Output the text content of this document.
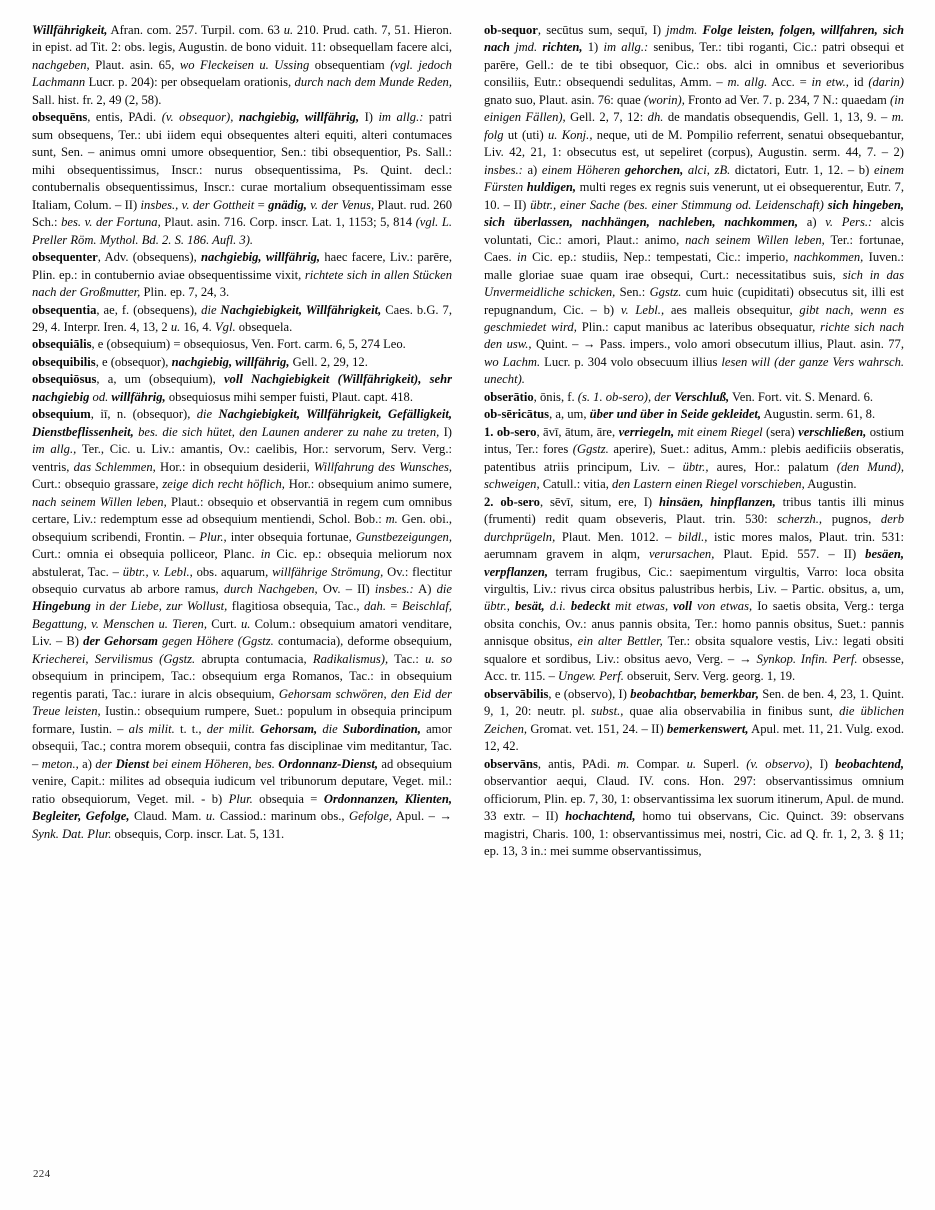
Willfährigkeit, Afran. com. 257. Turpil. com. 63 u. 210. Prud. cath. 7, 51. Hieron. in epist. ad Tit. 2: obs. legis, Augustin. de bono viduit. 11: obsequellam facere alci, nachgeben, Plaut. asin. 65, wo Fleckeisen u. Ussing obsequentiam (vgl. jedoch Lachmann Lucr. p. 204): per obsequelam orationis, durch nach dem Munde Reden, Sall. hist. fr. 2, 49 (2, 58).

obsequēns, entis, PAdi. (v. obsequor), nachgiebig, willfährig, I) im allg.: patri sum obsequens, Ter.: ubi iidem equi obsequentes alteri equiti, alteri contumaces sunt, Sen. – animus omni umore obsequentior, Sen.: tibi obsequentior, Ps. Sall.: mihi obsequentissimus, Inscr.: nurus obsequentissima, Ps. Quint. decl.: contubernalis obsequentissimus, Inscr.: curae mortalium obsequentissimam esse Italiam, Colum. – II) insbes., v. der Gottheit = gnädig, v. der Venus, Plaut. rud. 260 Sch.: bes. v. der Fortuna, Plaut. asin. 716. Corp. inscr. Lat. 1, 1153; 5, 814 (vgl. L. Preller Röm. Mythol. Bd. 2. S. 186. Aufl. 3).

obsequenter, Adv. (obsequens), nachgiebig, willfährig, haec facere, Liv.: parēre, Plin. ep.: in contubernio aviae obsequentissime vixit, richtete sich in allen Stücken nach der Großmutter, Plin. ep. 7, 24, 3.

obsequentia, ae, f. (obsequens), die Nachgiebigkeit, Willfährigkeit, Caes. b.G. 7, 29, 4. Interpr. Iren. 4, 13, 2 u. 16, 4. Vgl. obsequela.

obsequiālis, e (obsequium) = obsequiosus, Ven. Fort. carm. 6, 5, 274 Leo.

obsequibilis, e (obsequor), nachgiebig, willfährig, Gell. 2, 29, 12.

obsequiōsus, a, um (obsequium), voll Nachgiebigkeit (Willfährigkeit), sehr nachgiebig od. willfährig, obsequiosus mihi semper fuisti, Plaut. capt. 418.

obsequium, iī, n. (obsequor), die Nachgiebigkeit, Willfährigkeit, Gefälligkeit, Dienstbeflissenheit, bes. die sich hütet, den Launen anderer zu nahe zu treten, I) im allg., Ter., Cic. u. Liv.: amantis, Ov.: caelibis, Hor.: servorum, Serv. Verg.: ventris, das Schlemmen, Hor.: in obsequium desiderii, Willfahrung des Wunsches, Curt.: obsequio grassare, zeige dich recht höflich, Hor.: obsequium animo sumere, nach seinem Willen leben, Plaut.: obsequio et observantiā in regem cum omnibus certare, Liv.: redemptum esse ad obsequium mentiendi, Schol. Bob.: m. Gen. obi., obsequium scribendi, Frontin. – Plur., inter obsequia fortunae, Gunstbezeigungen, Curt.: omnia ei obsequia polliceor, Planc. in Cic. ep.: obsequia meliorum nox abstulerat, Tac. – übtr., v. Lebl., obs. aquarum, willfährige Strömung, Ov.: flectitur obsequio curvatus ab arbore ramus, durch Nachgeben, Ov. – II) insbes.: A) die Hingebung in der Liebe, zur Wollust, flagitiosa obsequia, Tac., dah. = Beischlaf, Begattung, v. Menschen u. Tieren, Curt. u. Colum.: obsequium amatori venditare, Liv. – B) der Gehorsam gegen Höhere (Ggstz. contumacia), deforme obsequium, Kriecherei, Servilismus (Ggstz. abrupta contumacia, Radikalismus), Tac.: u. so obsequium in principem, Tac.: obsequium erga Romanos, Tac.: in obsequium regentis parati, Tac.: iurare in alcis obsequium, Gehorsam schwören, den Eid der Treue leisten, Iustin.: obsequium rumpere, Suet.: populum in obsequia principum formare, Iustin. – als milit. t. t., der milit. Gehorsam, die Subordination, amor obsequii, Tac.; contra morem obsequii, contra fas disciplinae vim meditantur, Tac. – meton., a) der Dienst bei einem Höheren, bes. Ordonnanz-Dienst, ad obsequium venire, Capit.: milites ad obsequia iudicum vel tribunorum deputare, Veget. mil.: ratio obsequiorum, Veget. mil. - b) Plur. obsequia = Ordonnanzen, Klienten, Begleiter, Gefolge, Claud. Mam. u. Cassiod.: marinum obs., Gefolge, Apul. – → Synk. Dat. Plur. obsequis, Corp. inscr. Lat. 5, 131.

ob-sequor, secūtus sum, sequī, I) jmdm. Folge leisten, folgen, willfahren, sich nach jmd. richten, 1) im allg.: senibus, Ter.: tibi roganti, Cic.: patri obsequi et parēre, Gell.: de te tibi obsequor, Cic.: obs. alci in omnibus et severioribus consiliis, Eutr.: obsequendi sedulitas, Amm. – m. allg. Acc. = in etw., id (darin) gnato suo, Plaut. asin. 76: quae (worin), Fronto ad Ver. 7. p. 234, 7 N.: quaedam (in einigen Fällen), Gell. 2, 7, 12: dh. de mandatis obsequendis, Gell. 1, 13, 9. – m. folg ut (uti) u. Konj., neque, uti de M. Pompilio referrent, senatui obsequebantur, Liv. 42, 21, 1: obsecutus est, ut sepeliret (corpus), Augustin. serm. 44, 7. – 2) insbes.: a) einem Höheren gehorchen, alci, zB. dictatori, Eutr. 1, 12. – b) einem Fürsten huldigen, multi reges ex regnis suis venerunt, ut ei obsequerentur, Eutr. 7, 10. – II) übtr., einer Sache (bes. einer Stimmung od. Leidenschaft) sich hingeben, sich überlassen, nachhängen, nachleben, nachkommen, a) v. Pers.: alcis voluntati, Cic.: amori, Plaut.: animo, nach seinem Willen leben, Ter.: fortunae, Caes. in Cic. ep.: studiis, Nep.: tempestati, Cic.: imperio, nachkommen, Iuven.: malle gloriae suae quam irae obsequi, Curt.: necessitatibus suis, sich in das Unvermeidliche schicken, Sen.: Ggstz. cum huic (cupiditati) obsecutus sit, illi est repugnandum, Cic. – b) v. Lebl., aes malleis obsequitur, gibt nach, wenn es geschmiedet wird, Plin.: caput manibus ac lateribus obsequatur, richte sich nach den usw., Quint. – → Pass. impers., volo amori obsecutum illius, Plaut. asin. 77, wo Lachm. Lucr. p. 304 volo obsecuum illius lesen will (der ganze Vers wahrsch. unecht).

obserātio, ōnis, f. (s. 1. ob-sero), der Verschluß, Ven. Fort. vit. S. Menard. 6.

ob-sēricātus, a, um, über und über in Seide gekleidet, Augustin. serm. 61, 8.

1. ob-sero, āvī, ātum, āre, verriegeln, mit einem Riegel (sera) verschließen, ostium intus, Ter.: fores (Ggstz. aperire), Suet.: aditus, Amm.: plebis aedificiis obseratis, patentibus atriis principum, Liv. – übtr., aures, Hor.: palatum (den Mund), schweigen, Catull.: vitia, den Lastern einen Riegel vorschieben, Augustin.

2. ob-sero, sēvī, situm, ere, I) hinsäen, hinpflanzen, tribus tantis illi minus (frumenti) redit quam obseveris, Plaut. trin. 530: scherzh., pugnos, derb durchprügeln, Plaut. Men. 1012. – bildl., istic mores malos, Plaut. trin. 531: aerumnam gravem in alqm, verursachen, Plaut. Epid. 557. – II) besäen, verpflanzen, terram frugibus, Cic.: saepimentum virgultis, Varro: loca obsita virgultis, Liv.: rivus circa obsitus palustribus herbis, Liv. – Partic. obsitus, a, um, übtr., besät, d.i. bedeckt mit etwas, voll von etwas, Io saetis obsita, Verg.: terga obsita conchis, Ov.: anus pannis obsita, Ter.: homo pannis obsitus, Suet.: pannis annisque obsitus, ein alter Bettler, Ter.: obsita squalore vestis, Liv.: legati obsiti squalore et sordibus, Liv.: obsitus aevo, Verg. – → Synkop. Infin. Perf. obsesse, Acc. tr. 115. – Ungew. Perf. obseruit, Serv. Verg. georg. 1, 19.

observābilis, e (observo), I) beobachtbar, bemerkbar, Sen. de ben. 4, 23, 1. Quint. 9, 1, 20: neutr. pl. subst., quae alia observabilia in finibus sunt, die üblichen Zeichen, Gromat. vet. 151, 24. – II) bemerkenswert, Apul. met. 11, 21. Vulg. exod. 12, 42.

observāns, antis, PAdi. m. Compar. u. Superl. (v. observo), I) beobachtend, observantior aequi, Claud. IV. cons. Hon. 297: observantissimus omnium officiorum, Plin. ep. 7, 30, 1: observantissima lex suorum itinerum, Apul. de mund. 33 extr. – II) hochachtend, homo tui observans, Cic. Quinct. 39: observans magistri, Charis. 100, 1: observantissimus mei, nostri, Cic. ad Q. fr. 1, 2, 3. § 11; ep. 13, 3 in.: mei summe observantissimus,

224
